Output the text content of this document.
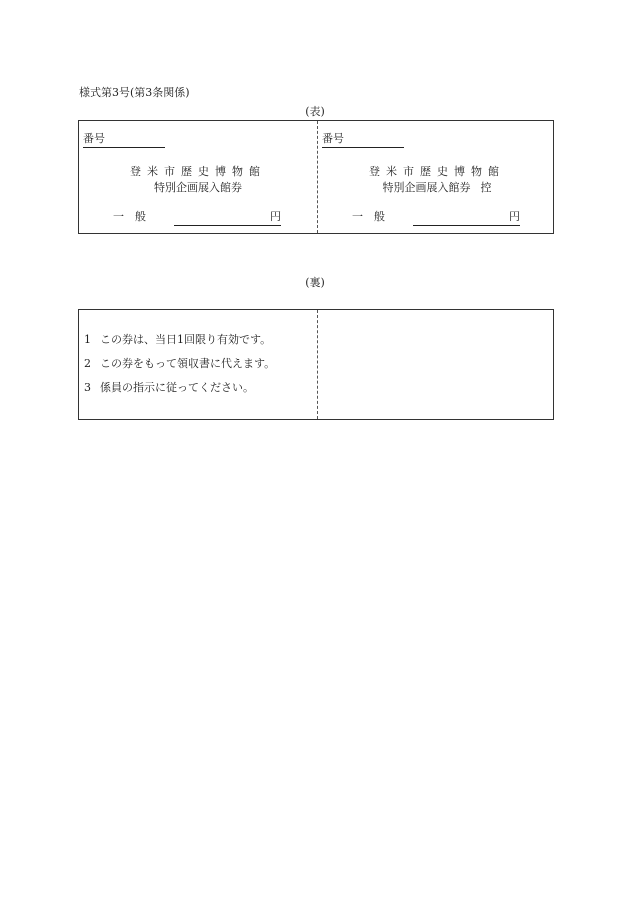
様式第3号(第3条関係)
(表)
番号
登米市歴史博物館
特別企画展入館券
一　般	円
番号
登米市歴史博物館
特別企画展入館券 控
一　般	円
(裏)
1 この券は、当日1回限り有効です。
2 この券をもって領収書に代えます。
3 係員の指示に従ってください。
